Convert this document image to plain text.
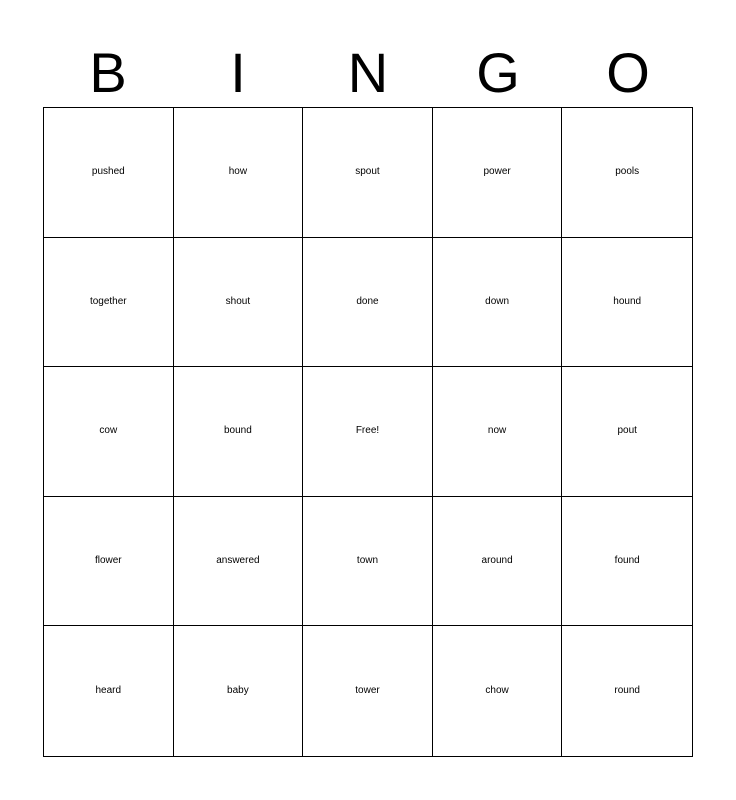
B	I	N	G	O
pushed	how	spout	power	pools
together	shout	done	down	hound
cow	bound	Free!	now	pout
flower	answered	town	around	found
heard	baby	tower	chow	round
